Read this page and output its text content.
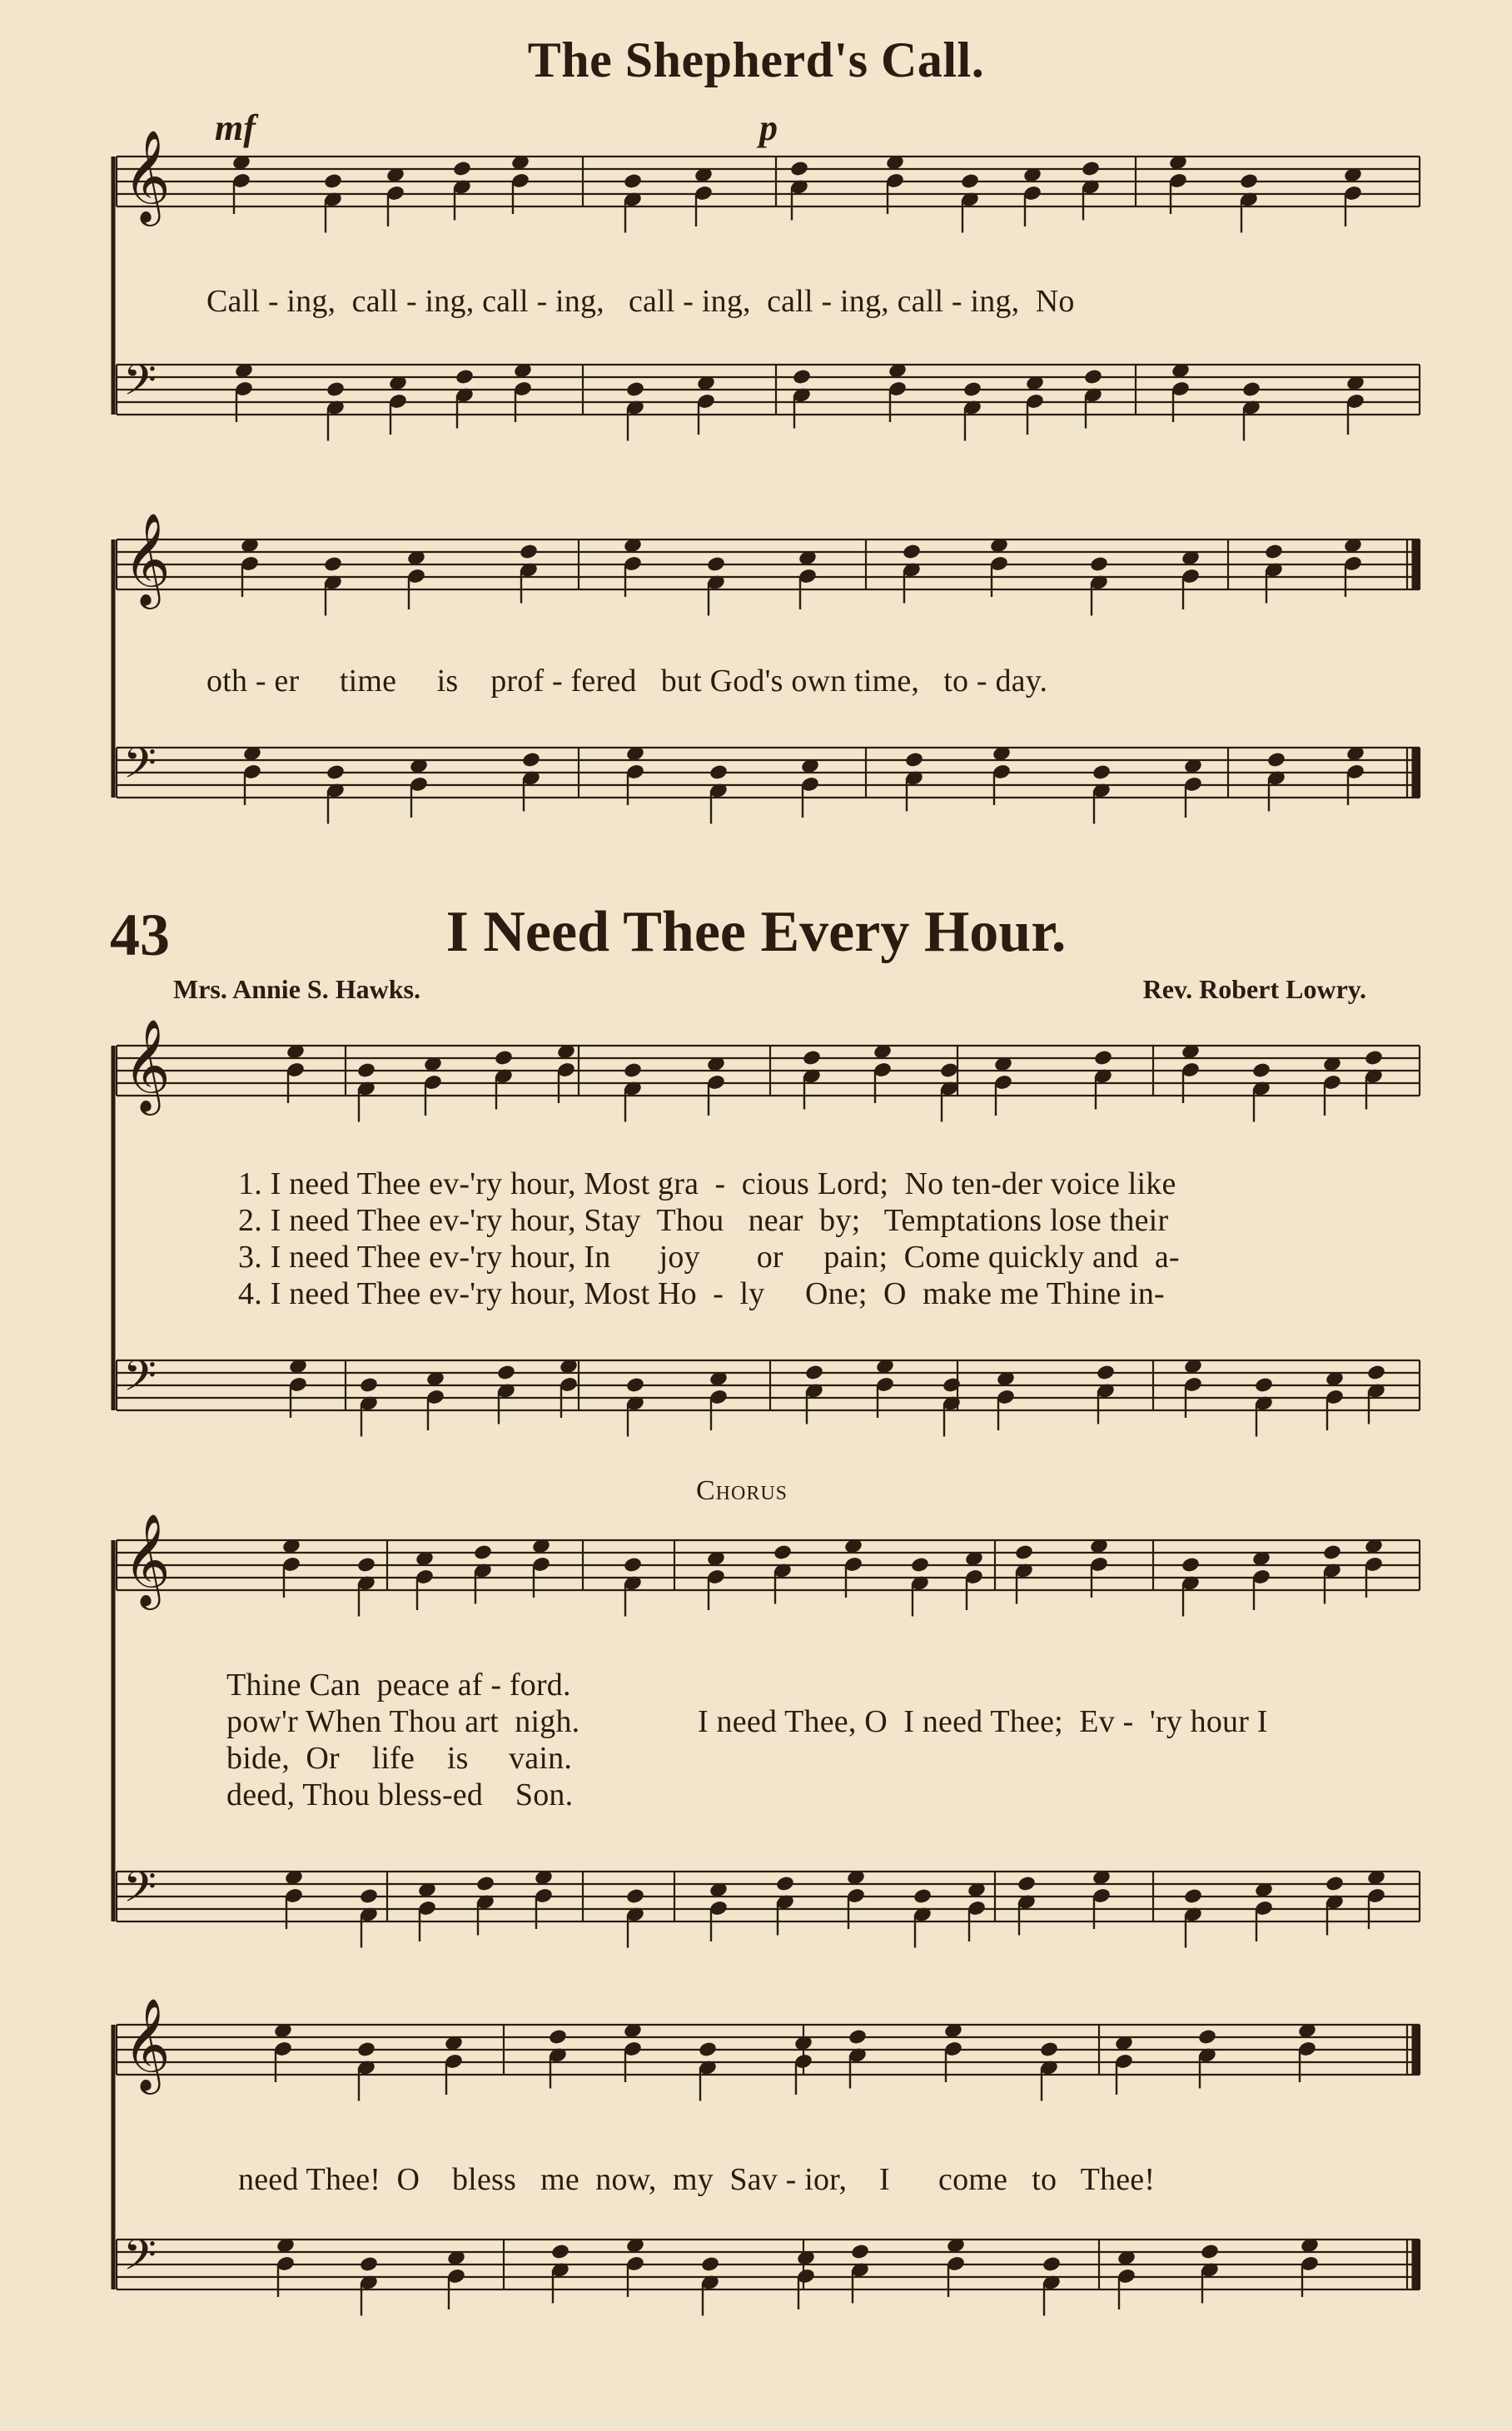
𝄞
𝄢
𝄞
𝄢
𝄞
𝄢
𝄞
𝄢
𝄞
𝄢
The Shepherd's Call.
mf	p
Call - ing,  call - ing, call - ing,   call - ing,  call - ing, call - ing,  No
oth - er     time     is    prof - fered   but God's own time,   to - day.
43	I Need Thee Every Hour.
Mrs. Annie S. Hawks.	Rev. Robert Lowry.
1. I need Thee ev-'ry hour, Most gra  -  cious Lord;  No ten-der voice like
2. I need Thee ev-'ry hour, Stay  Thou   near  by;   Temptations lose their
3. I need Thee ev-'ry hour, In      joy       or     pain;  Come quickly and  a-
4. I need Thee ev-'ry hour, Most Ho  -  ly     One;  O  make me Thine in-
Chorus
Thine Can  peace af - ford.
pow'r When Thou art  nigh.
bide,  Or    life    is     vain.
deed, Thou bless-ed    Son.
I need Thee, O  I need Thee;  Ev -  'ry hour I
need Thee!  O    bless   me  now,  my  Sav - ior,    I      come   to   Thee!
